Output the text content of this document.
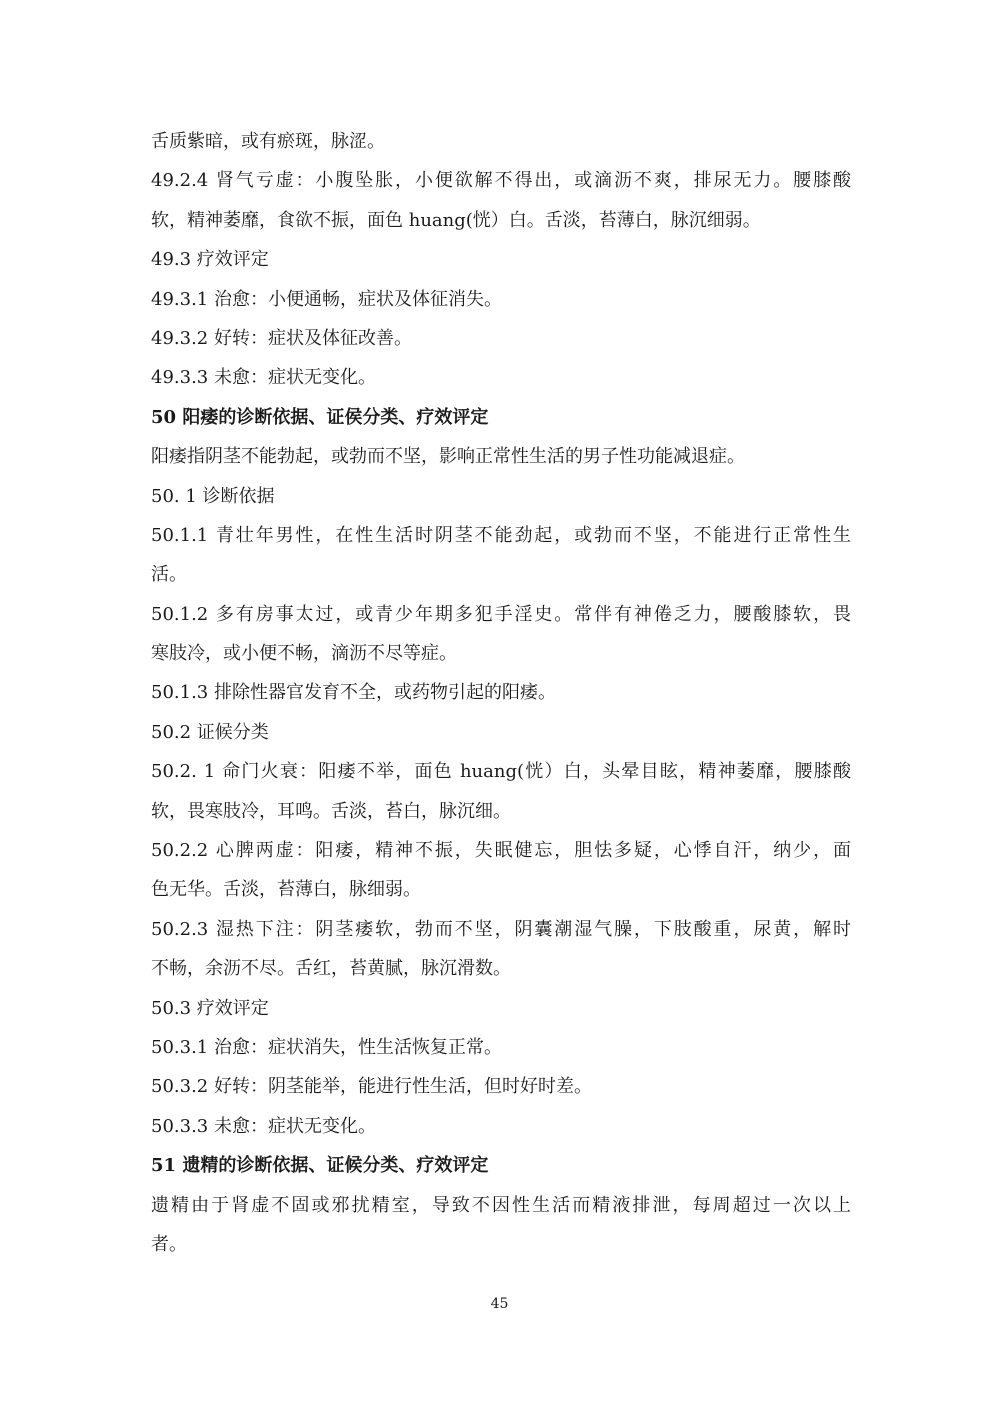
舌质紫暗，或有瘀斑，脉涩。
49.2.4 肾气亏虚：小腹坠胀，小便欲解不得出，或滴沥不爽，排尿无力。腰膝酸
软，精神萎靡，食欲不振，面色 huang(恍）白。舌淡，苔薄白，脉沉细弱。
49.3 疗效评定
49.3.1 治愈：小便通畅，症状及体征消失。
49.3.2 好转：症状及体征改善。
49.3.3 未愈：症状无变化。
50 阳痿的诊断依据、证侯分类、疗效评定
阳痿指阴茎不能勃起，或勃而不坚，影响正常性生活的男子性功能减退症。
50. 1 诊断依据
50.1.1 青壮年男性，在性生活时阴茎不能劲起，或勃而不坚，不能进行正常性生
活。
50.1.2 多有房事太过，或青少年期多犯手淫史。常伴有神倦乏力，腰酸膝软，畏
寒肢冷，或小便不畅，滴沥不尽等症。
50.1.3 排除性器官发育不全，或药物引起的阳痿。
50.2 证候分类
50.2. 1 命门火衰：阳痿不举，面色 huang(恍）白，头晕目眩，精神萎靡，腰膝酸
软，畏寒肢冷，耳鸣。舌淡，苔白，脉沉细。
50.2.2 心脾两虚：阳痿，精神不振，失眠健忘，胆怯多疑，心悸自汗，纳少，面
色无华。舌淡，苔薄白，脉细弱。
50.2.3 湿热下注：阴茎痿软，勃而不坚，阴囊潮湿气臊，下肢酸重，尿黄，解时
不畅，余沥不尽。舌红，苔黄腻，脉沉滑数。
50.3 疗效评定
50.3.1 治愈：症状消失，性生活恢复正常。
50.3.2 好转：阴茎能举，能进行性生活，但时好时差。
50.3.3 未愈：症状无变化。
51 遗精的诊断依据、证候分类、疗效评定
遗精由于肾虚不固或邪扰精室，导致不因性生活而精液排泄，每周超过一次以上
者。
45
